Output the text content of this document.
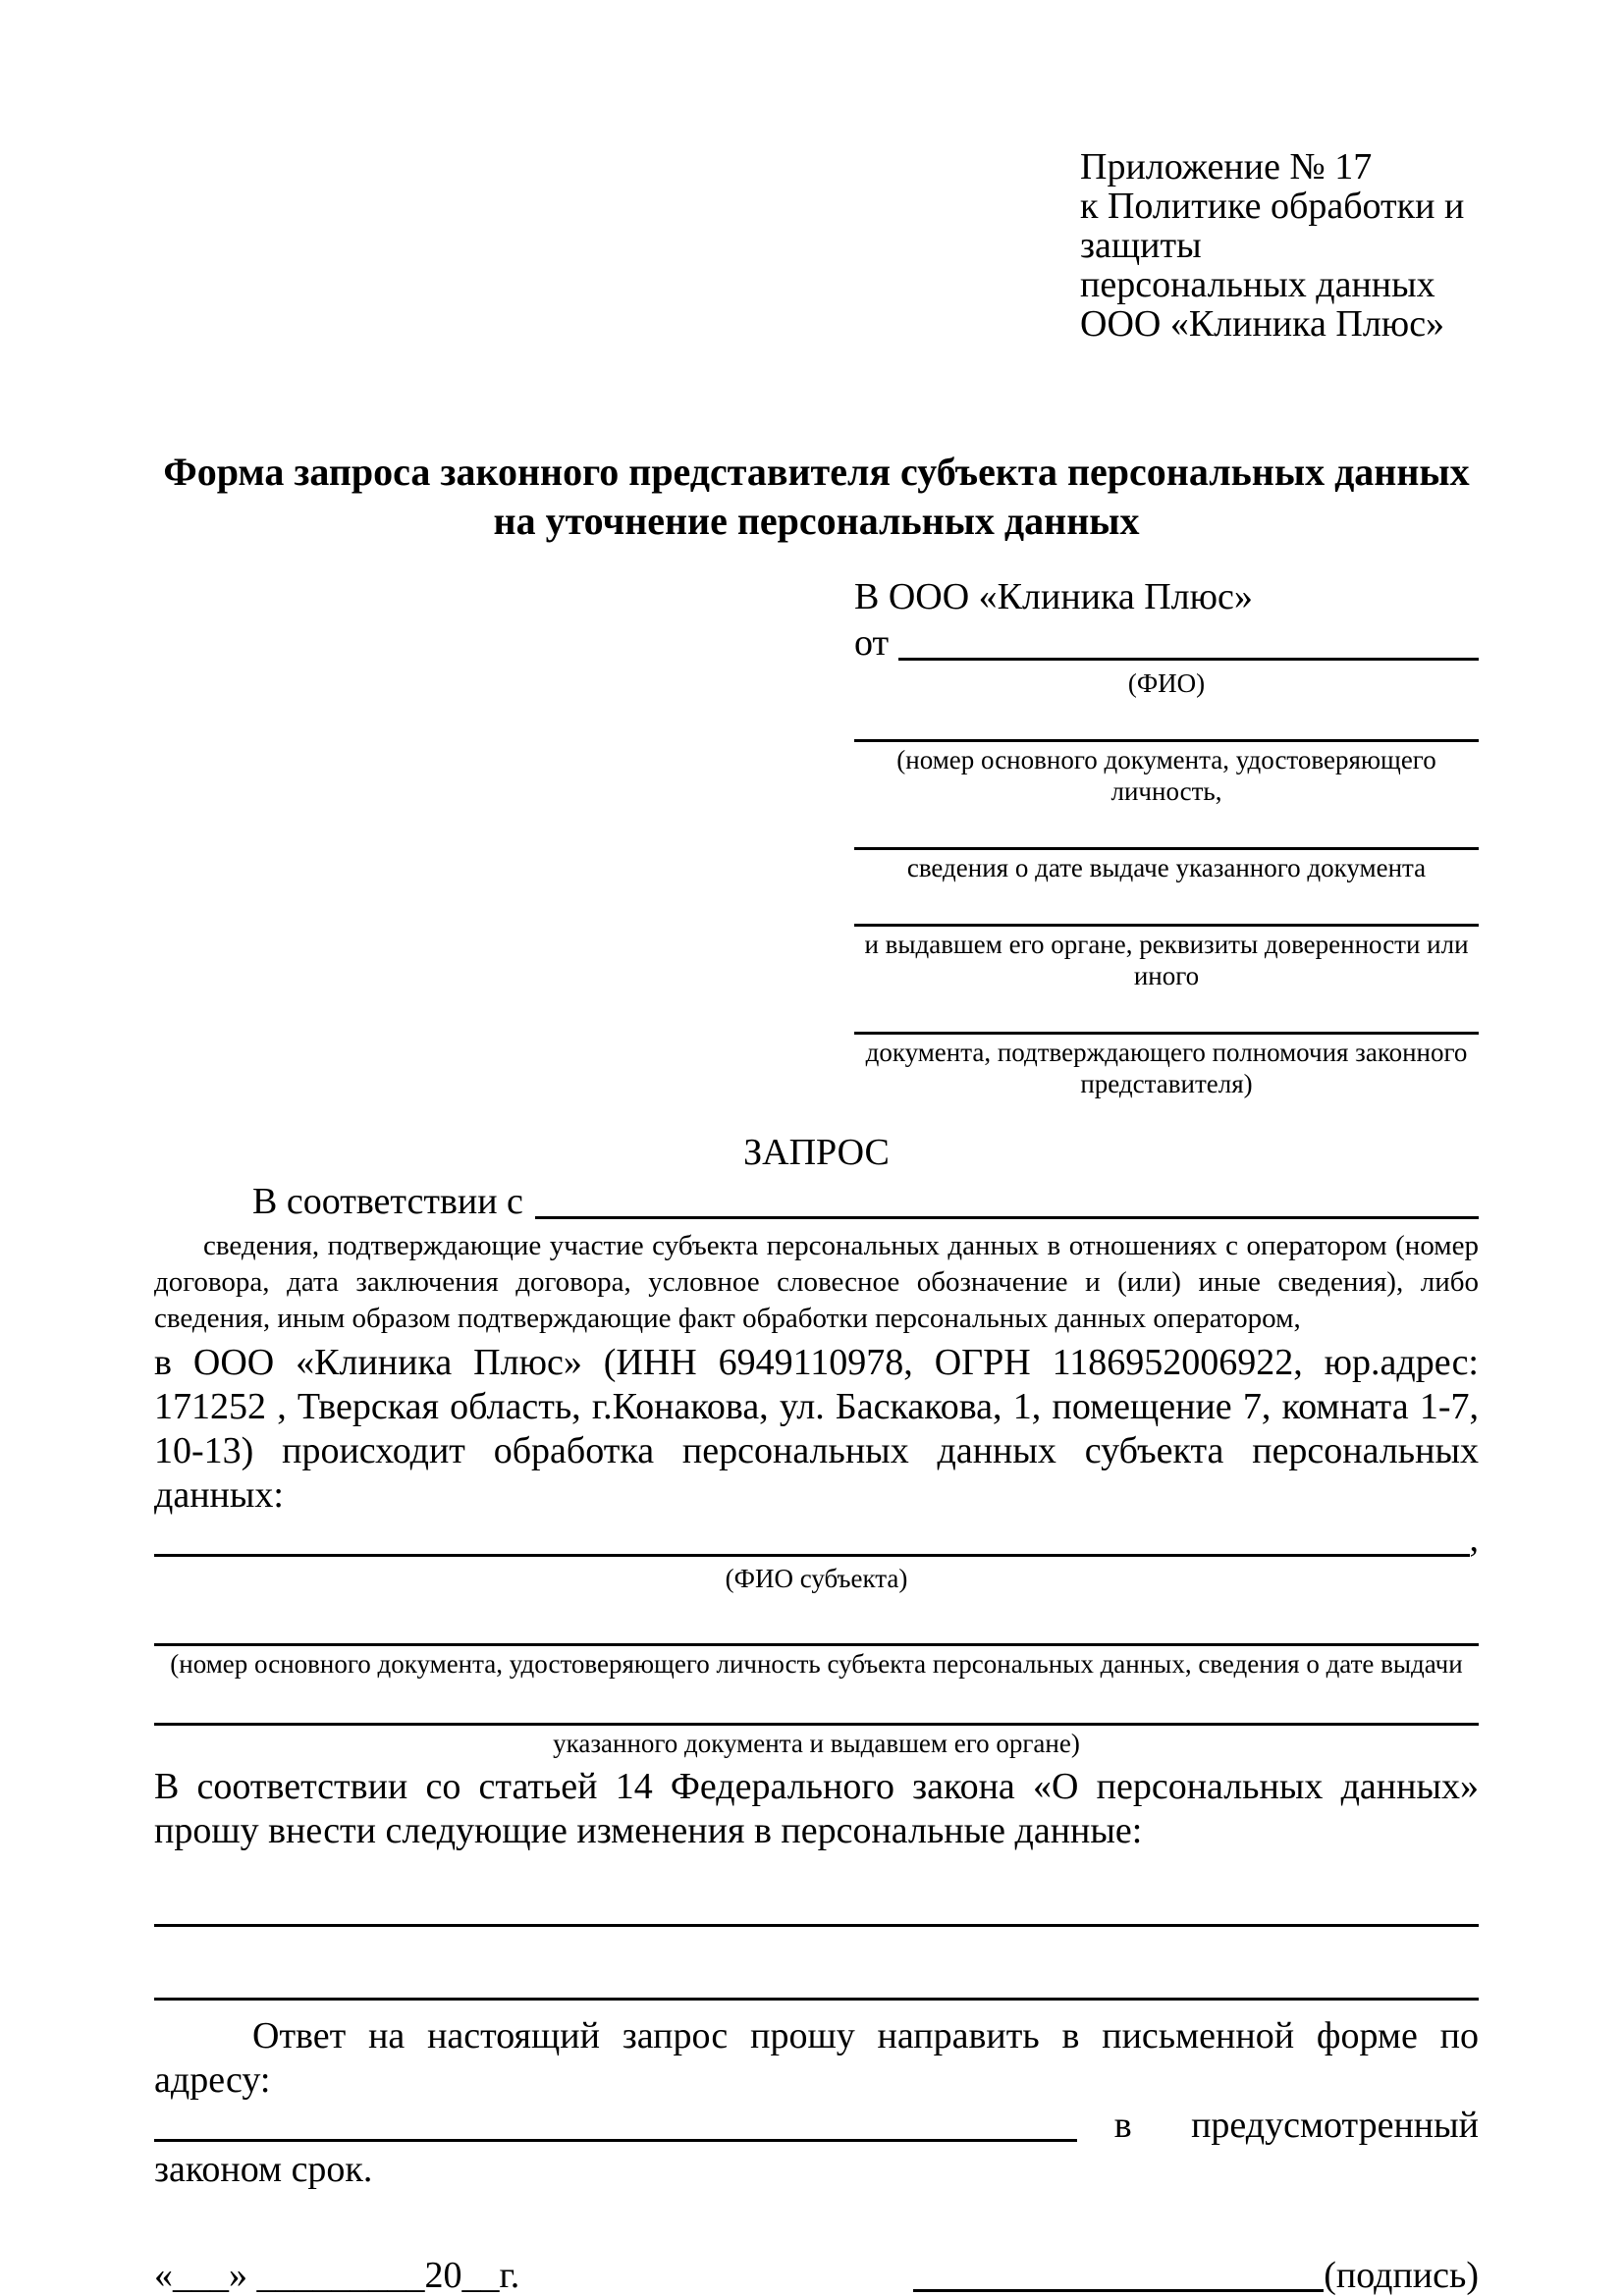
Приложение № 17
к Политике обработки и защиты
персональных данных
ООО «Клиника Плюс»
Форма запроса законного представителя субъекта персональных данных
на уточнение персональных данных
В ООО «Клиника Плюс»
от
(ФИО)
(номер основного документа, удостоверяющего личность,
сведения о дате выдаче указанного документа
и выдавшем его органе, реквизиты доверенности или иного
документа, подтверждающего полномочия законного представителя)
ЗАПРОС
В соответствии с
сведения, подтверждающие участие субъекта персональных данных в отношениях с оператором (номер договора, дата заключения договора, условное словесное обозначение и (или) иные сведения), либо сведения, иным образом подтверждающие факт обработки персональных данных оператором,
в ООО «Клиника Плюс» (ИНН 6949110978, ОГРН 1186952006922, юр.адрес: 171252 , Тверская область, г.Конакова, ул. Баскакова, 1, помещение 7, комната 1-7, 10-13) происходит обработка персональных данных субъекта персональных данных:
,
(ФИО субъекта)
(номер основного документа, удостоверяющего личность субъекта персональных данных, сведения о дате выдачи
указанного документа и выдавшем его органе)
В соответствии со статьей 14 Федерального закона «О персональных данных» прошу внести следующие изменения в персональные данные:
Ответ на настоящий запрос прошу направить в письменной форме по адресу:
в предусмотренный
законом срок.
«___» _________20__г.	(подпись)
